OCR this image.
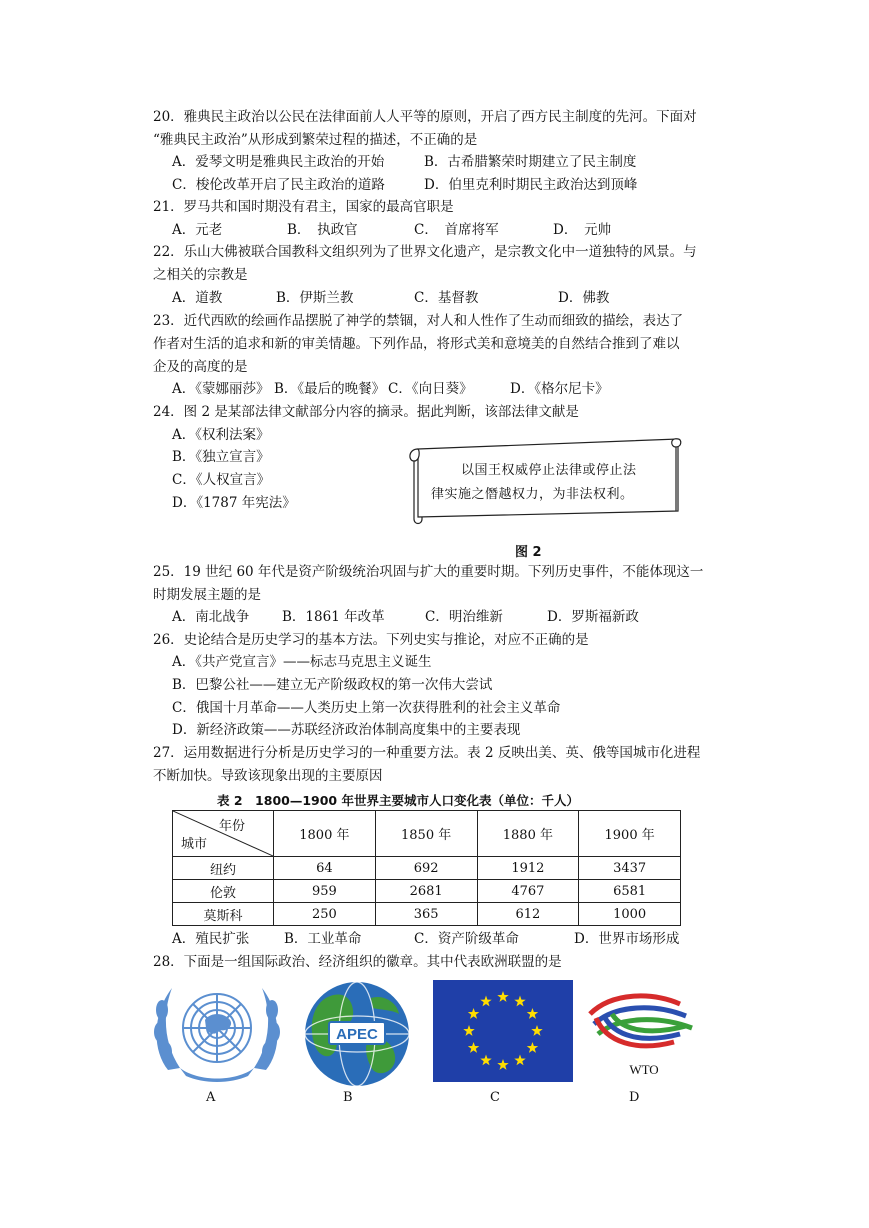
20．雅典民主政治以公民在法律面前人人平等的原则，开启了西方民主制度的先河。下面对
“雅典民主政治”从形成到繁荣过程的描述，不正确的是
A．爱琴文明是雅典民主政治的开始	B．古希腊繁荣时期建立了民主制度
C．梭伦改革开启了民主政治的道路	D．伯里克利时期民主政治达到顶峰
21．罗马共和国时期没有君主，国家的最高官职是
A．元老	B．　执政官	C．　首席将军	D．　元帅
22．乐山大佛被联合国教科文组织列为了世界文化遗产，是宗教文化中一道独特的风景。与
之相关的宗教是
A．道教	B．伊斯兰教	C．基督教	D．佛教
23．近代西欧的绘画作品摆脱了神学的禁锢，对人和人性作了生动而细致的描绘，表达了
作者对生活的追求和新的审美情趣。下列作品，将形式美和意境美的自然结合推到了难以
企及的高度的是
A．《蒙娜丽莎》 B．《最后的晚餐》 C．《向日葵》	D．《格尔尼卡》
24．图 2 是某部法律文献部分内容的摘录。据此判断，该部法律文献是
A．《权利法案》
B．《独立宣言》
C．《人权宣言》
D．《1787 年宪法》
以国王权威停止法律或停止法
律实施之僭越权力，为非法权利。
图 2
25．19 世纪 60 年代是资产阶级统治巩固与扩大的重要时期。下列历史事件，不能体现这一
时期发展主题的是
A．南北战争 B．1861 年改革	C．明治维新	D．罗斯福新政
26．史论结合是历史学习的基本方法。下列史实与推论，对应不正确的是
A．《共产党宣言》——标志马克思主义诞生
B．巴黎公社——建立无产阶级政权的第一次伟大尝试
C．俄国十月革命——人类历史上第一次获得胜利的社会主义革命
D．新经济政策——苏联经济政治体制高度集中的主要表现
27．运用数据进行分析是历史学习的一种重要方法。表 2 反映出美、英、俄等国城市化进程
不断加快。导致该现象出现的主要原因
表 2　1800—1900 年世界主要城市人口变化表（单位：千人）
年份
城市	1800 年	1850 年	1880 年	1900 年
纽约	64	692	1912	3437
伦敦	959	2681	4767	6581
莫斯科	250	365	612	1000
A．殖民扩张	B．工业革命	C．资产阶级革命	D．世界市场形成
28．下面是一组国际政治、经济组织的徽章。其中代表欧洲联盟的是
APEC
WTO
A	B	C	D
